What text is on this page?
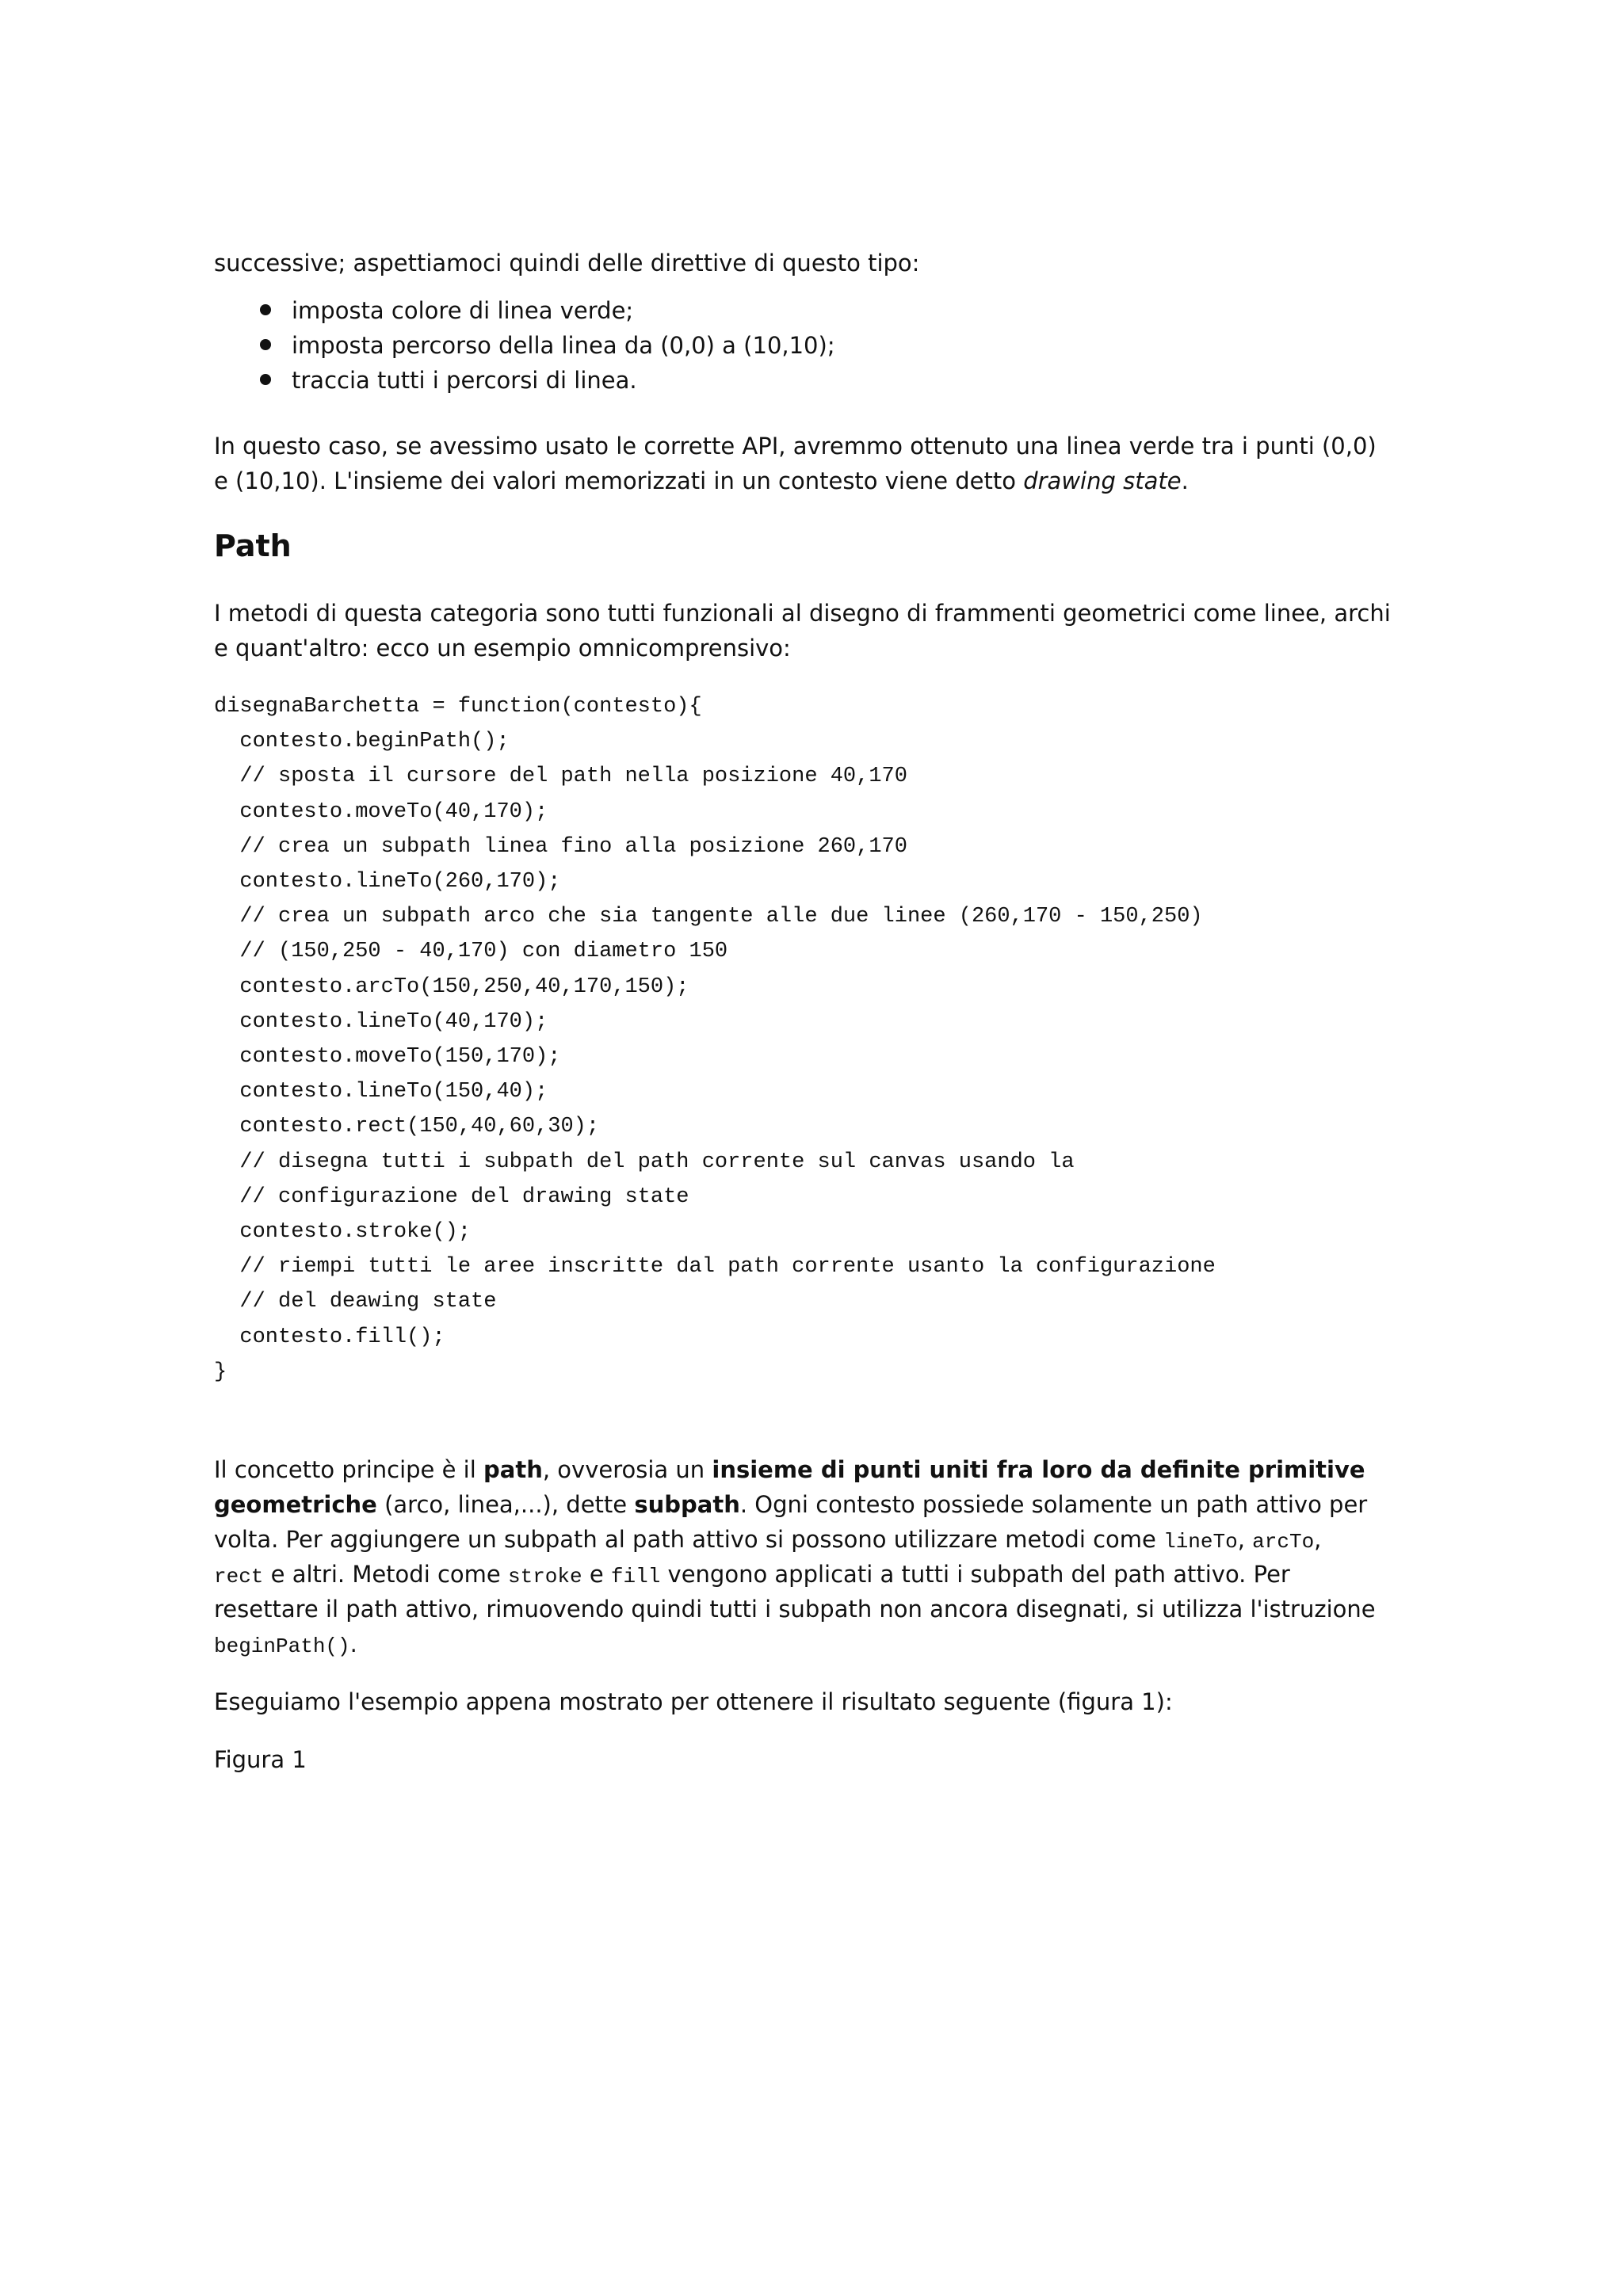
successive; aspettiamoci quindi delle direttive di questo tipo:
imposta colore di linea verde;
imposta percorso della linea da (0,0) a (10,10);
traccia tutti i percorsi di linea.
In questo caso, se avessimo usato le corrette API, avremmo ottenuto una linea verde tra i punti (0,0)
e (10,10). L'insieme dei valori memorizzati in un contesto viene detto drawing state.
Path
I metodi di questa categoria sono tutti funzionali al disegno di frammenti geometrici come linee, archi
e quant'altro: ecco un esempio omnicomprensivo:
disegnaBarchetta = function(contesto){
contesto.beginPath();
// sposta il cursore del path nella posizione 40,170
contesto.moveTo(40,170);
// crea un subpath linea fino alla posizione 260,170
contesto.lineTo(260,170);
// crea un subpath arco che sia tangente alle due linee (260,170 - 150,250)
// (150,250 - 40,170) con diametro 150
contesto.arcTo(150,250,40,170,150);
contesto.lineTo(40,170);
contesto.moveTo(150,170);
contesto.lineTo(150,40);
contesto.rect(150,40,60,30);
// disegna tutti i subpath del path corrente sul canvas usando la
// configurazione del drawing state
contesto.stroke();
// riempi tutti le aree inscritte dal path corrente usanto la configurazione
// del deawing state
contesto.fill();
}
Il concetto principe è il path, ovverosia un insieme di punti uniti fra loro da definite primitive
geometriche (arco, linea,...), dette subpath. Ogni contesto possiede solamente un path attivo per
volta. Per aggiungere un subpath al path attivo si possono utilizzare metodi come lineTo, arcTo,
rect e altri. Metodi come stroke e fill vengono applicati a tutti i subpath del path attivo. Per
resettare il path attivo, rimuovendo quindi tutti i subpath non ancora disegnati, si utilizza l'istruzione
beginPath().
Eseguiamo l'esempio appena mostrato per ottenere il risultato seguente (figura 1):
Figura 1
